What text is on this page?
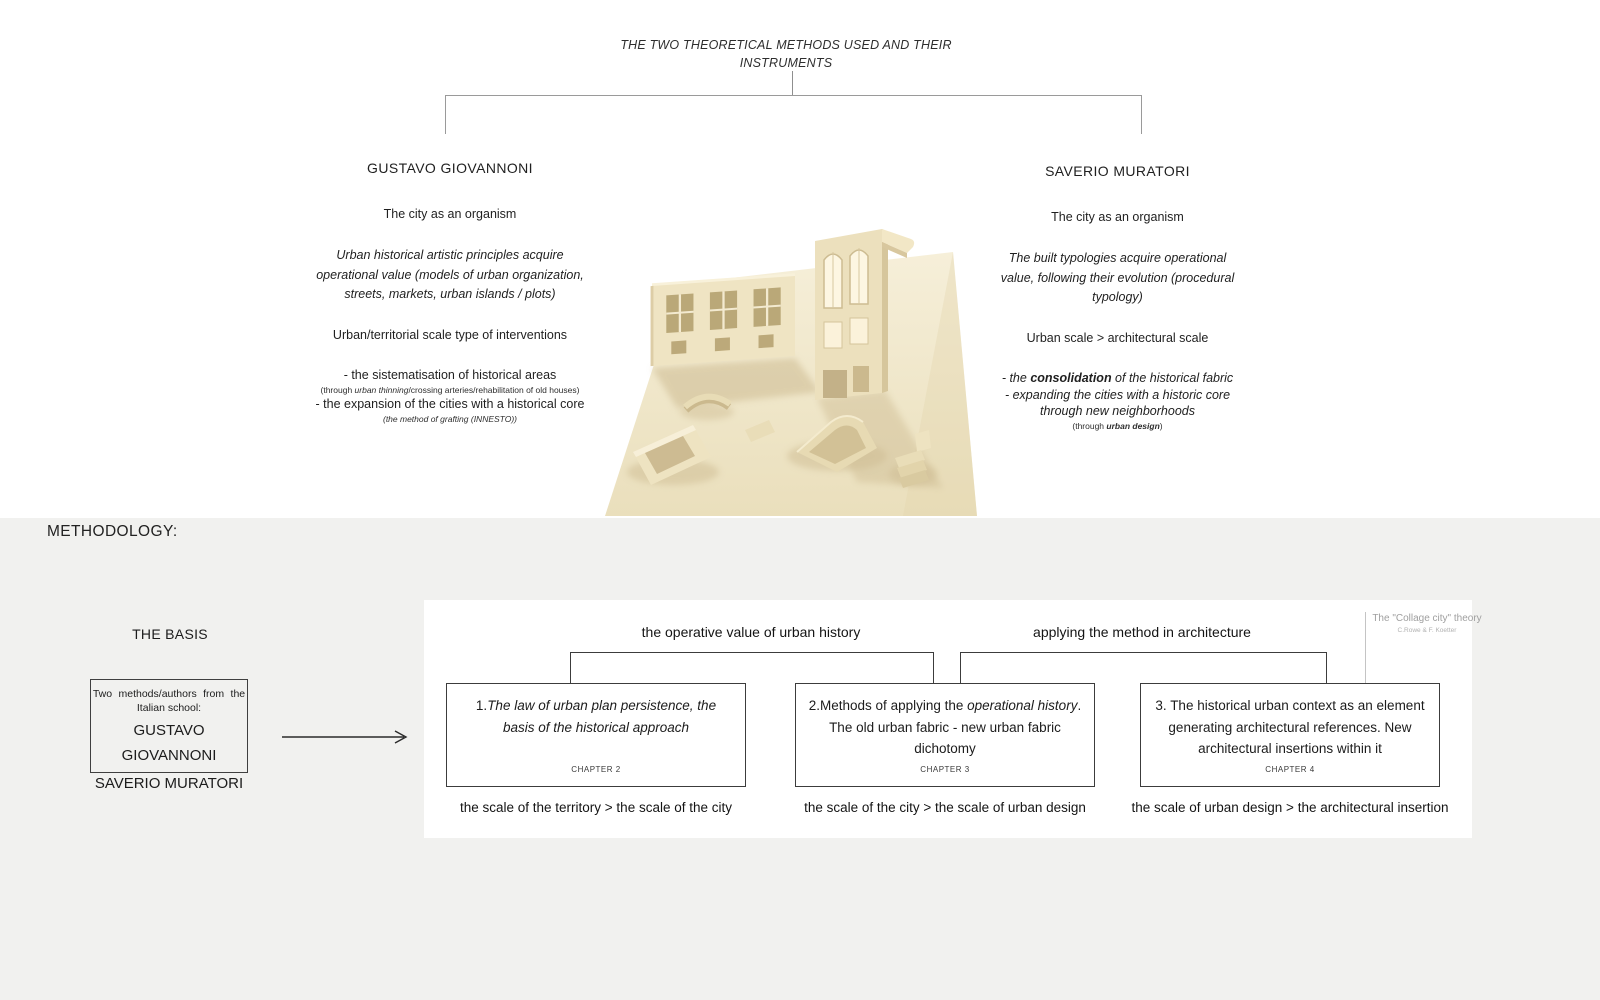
THE TWO THEORETICAL METHODS USED AND THEIR
INSTRUMENTS
GUSTAVO GIOVANNONI
The city as an organism
Urban historical artistic principles acquire
operational value (models of urban organization,
streets, markets, urban islands / plots)
Urban/territorial scale type of interventions
- the sistematisation of historical areas
(through urban thinning/crossing arteries/rehabilitation of old houses)
- the expansion of the cities with a historical core
(the method of grafting (INNESTO))
SAVERIO MURATORI
The city as an organism
The built typologies acquire operational
value, following their evolution (procedural
typology)
Urban scale > architectural scale
- the consolidation of the historical fabric
- expanding the cities with a historic core
through new neighborhoods
(through urban design)
METHODOLOGY:
THE BASIS
Two methods/authors from the
Italian school:
GUSTAVO GIOVANNONI
SAVERIO MURATORI
the operative value of urban history	applying the method in architecture
The "Collage city" theory
C.Rowe & F. Koetter
1.The law of urban plan persistence, the basis of the historical approach
CHAPTER 2
2.Methods of applying the operational history. The old urban fabric - new urban fabric dichotomy
CHAPTER 3
3. The historical urban context as an element generating architectural references. New architectural insertions within it
CHAPTER 4
the scale of the territory > the scale of the city	the scale of the city > the scale of urban design	the scale of urban design > the architectural insertion
